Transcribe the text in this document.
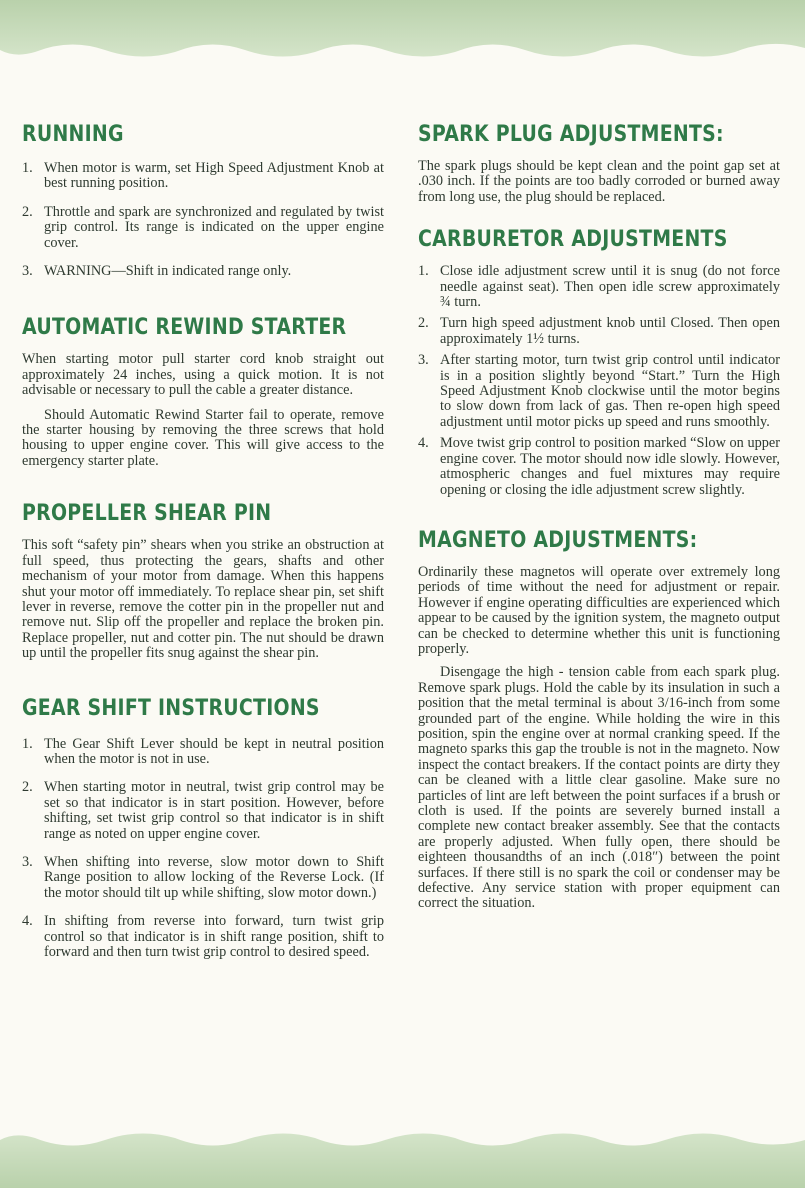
RUNNING
1. When motor is warm, set High Speed Adjustment Knob at best running position.
2. Throttle and spark are synchronized and regulated by twist grip control. Its range is indicated on the upper engine cover.
3. WARNING—Shift in indicated range only.
AUTOMATIC REWIND STARTER

When starting motor pull starter cord knob straight out approximately 24 inches, using a quick motion. It is not advisable or necessary to pull the cable a greater distance.

Should Automatic Rewind Starter fail to operate, remove the starter housing by removing the three screws that hold housing to upper engine cover. This will give access to the emergency starter plate.

PROPELLER SHEAR PIN

This soft “safety pin” shears when you strike an obstruction at full speed, thus protecting the gears, shafts and other mechanism of your motor from damage. When this happens shut your motor off immediately. To replace shear pin, set shift lever in reverse, remove the cotter pin in the propeller nut and remove nut. Slip off the propeller and replace the broken pin. Replace propeller, nut and cotter pin. The nut should be drawn up until the propeller fits snug against the shear pin.

GEAR SHIFT INSTRUCTIONS
1. The Gear Shift Lever should be kept in neutral position when the motor is not in use.
2. When starting motor in neutral, twist grip control may be set so that indicator is in start position. However, before shifting, set twist grip control so that indicator is in shift range as noted on upper engine cover.
3. When shifting into reverse, slow motor down to Shift Range position to allow locking of the Reverse Lock. (If the motor should tilt up while shifting, slow motor down.)
4. In shifting from reverse into forward, turn twist grip control so that indicator is in shift range position, shift to forward and then turn twist grip control to desired speed.
SPARK PLUG ADJUSTMENTS:

The spark plugs should be kept clean and the point gap set at .030 inch. If the points are too badly corroded or burned away from long use, the plug should be replaced.

CARBURETOR ADJUSTMENTS
1. Close idle adjustment screw until it is snug (do not force needle against seat). Then open idle screw approximately ¾ turn.
2. Turn high speed adjustment knob until Closed. Then open approximately 1½ turns.
3. After starting motor, turn twist grip control until indicator is in a position slightly beyond “Start.” Turn the High Speed Adjustment Knob clockwise until the motor begins to slow down from lack of gas. Then re-open high speed adjustment until motor picks up speed and runs smoothly.
4. Move twist grip control to position marked “Slow on upper engine cover. The motor should now idle slowly. However, atmospheric changes and fuel mixtures may require opening or closing the idle adjustment screw slightly.
MAGNETO ADJUSTMENTS:

Ordinarily these magnetos will operate over extremely long periods of time without the need for adjustment or repair. However if engine operating difficulties are experienced which appear to be caused by the ignition system, the magneto output can be checked to determine whether this unit is functioning properly.

Disengage the high - tension cable from each spark plug. Remove spark plugs. Hold the cable by its insulation in such a position that the metal terminal is about 3/16-inch from some grounded part of the engine. While holding the wire in this position, spin the engine over at normal cranking speed. If the magneto sparks this gap the trouble is not in the magneto. Now inspect the contact breakers. If the contact points are dirty they can be cleaned with a little clear gasoline. Make sure no particles of lint are left between the point surfaces if a brush or cloth is used. If the points are severely burned install a complete new contact breaker assembly. See that the contacts are properly adjusted. When fully open, there should be eighteen thousandths of an inch (.018″) between the point surfaces. If there still is no spark the coil or condenser may be defective. Any service station with proper equipment can correct the situation.
